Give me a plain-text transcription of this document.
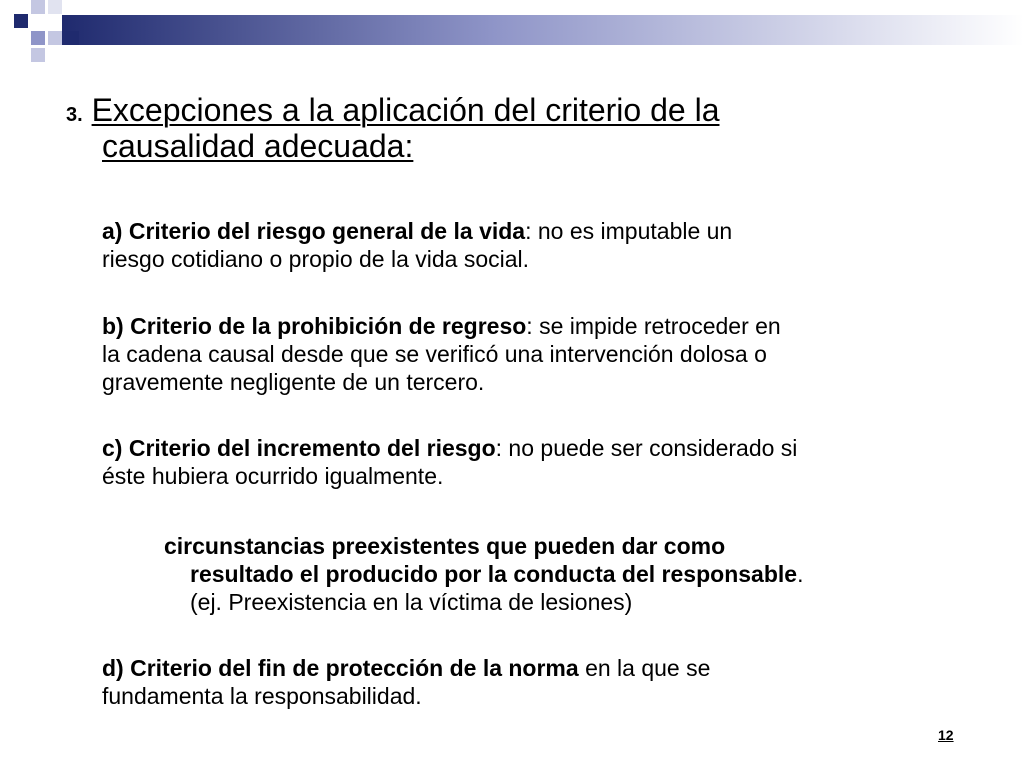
3. Excepciones a la aplicación del criterio de la
causalidad adecuada:

a) Criterio del riesgo general de la vida: no es imputable un
riesgo cotidiano o propio de la vida social.

b) Criterio de la prohibición de regreso: se impide retroceder en
la cadena causal desde que se verificó una intervención dolosa o
gravemente negligente de un tercero.

c) Criterio del incremento del riesgo: no puede ser considerado si
éste hubiera ocurrido igualmente.

circunstancias preexistentes que pueden dar como
resultado el producido por la conducta del responsable.
(ej. Preexistencia en la víctima de lesiones)

d) Criterio del fin de protección de la norma en la que se
fundamenta la responsabilidad.

12
